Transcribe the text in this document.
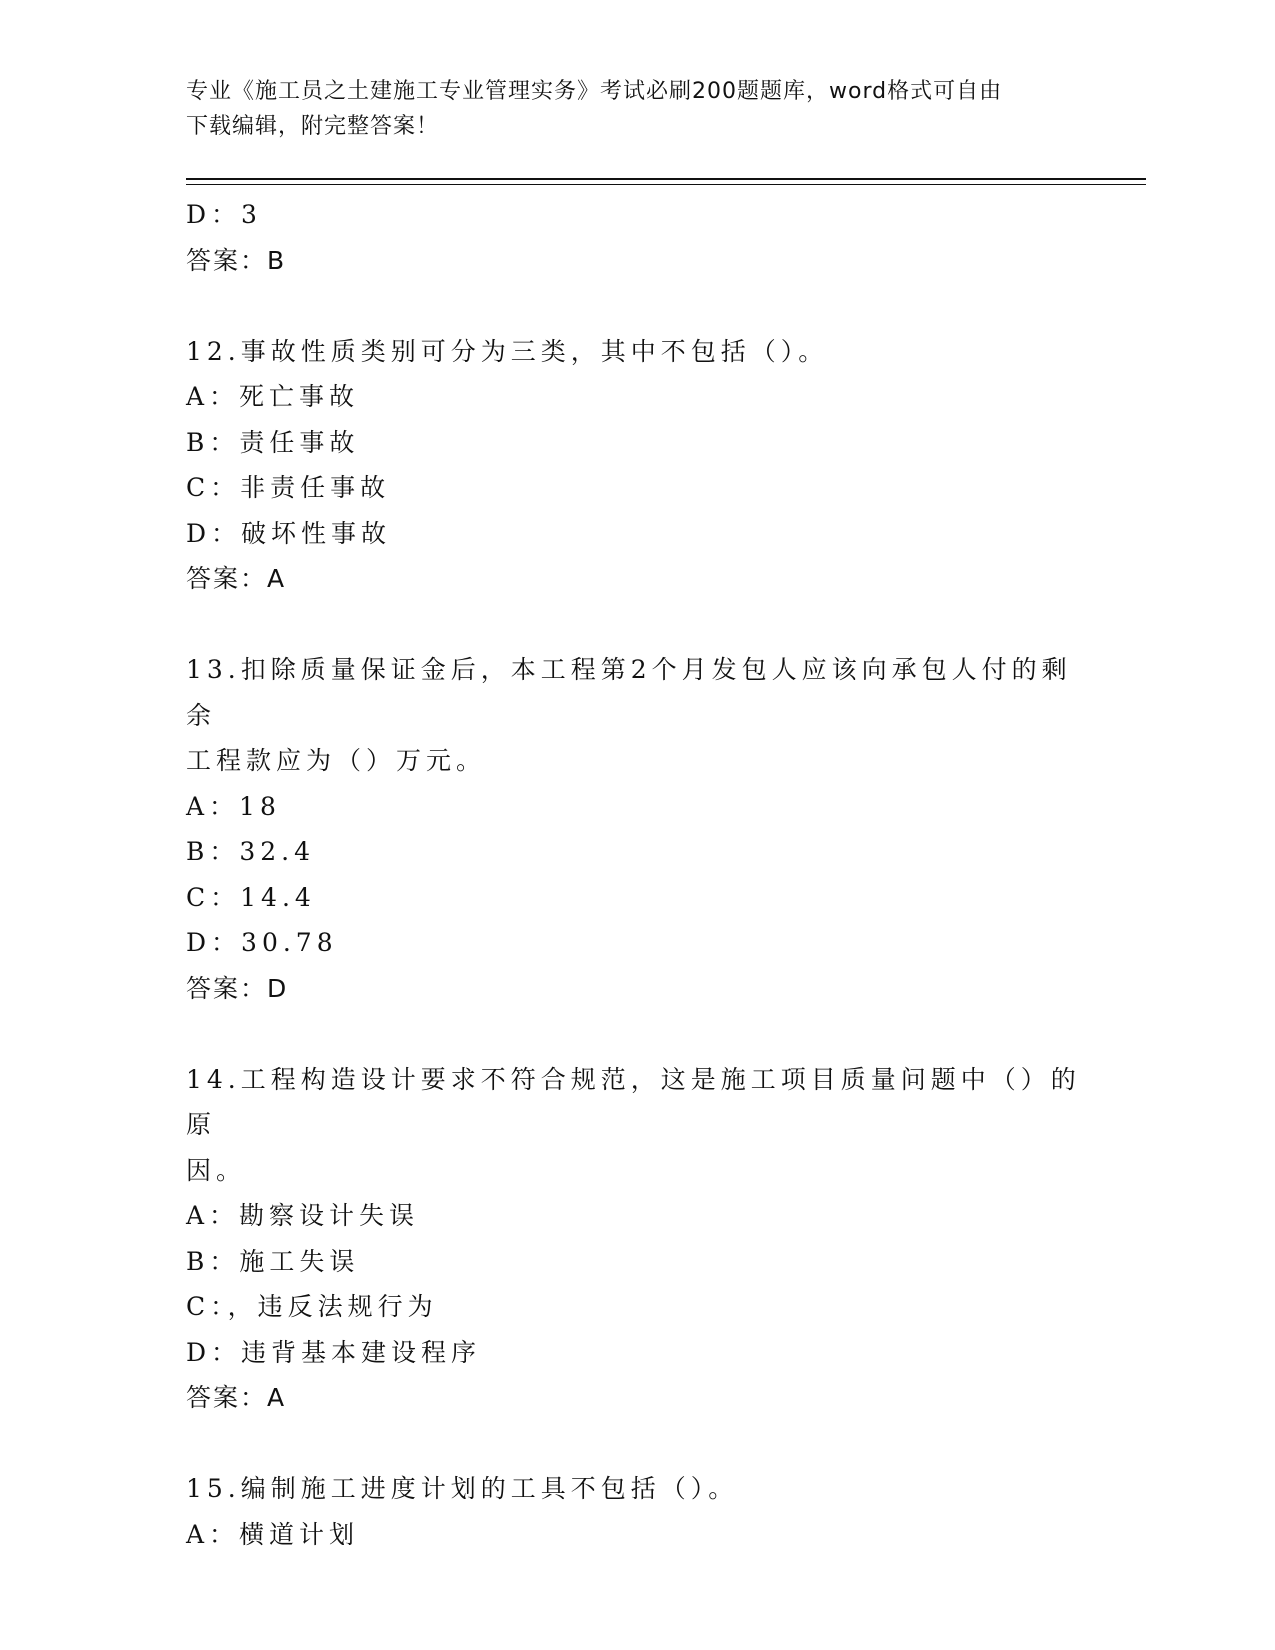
专业《施工员之土建施工专业管理实务》考试必刷200题题库，word格式可自由
下载编辑，附完整答案！
D：3
答案：B
12.事故性质类别可分为三类，其中不包括（）。
A：死亡事故
B：责任事故
C：非责任事故
D：破坏性事故
答案：A
13.扣除质量保证金后，本工程第2个月发包人应该向承包人付的剩余
工程款应为（）万元。
A：18
B：32.4
C：14.4
D：30.78
答案：D
14.工程构造设计要求不符合规范，这是施工项目质量问题中（）的原
因。
A：勘察设计失误
B：施工失误
C：，违反法规行为
D：违背基本建设程序
答案：A
15.编制施工进度计划的工具不包括（）。
A：横道计划
